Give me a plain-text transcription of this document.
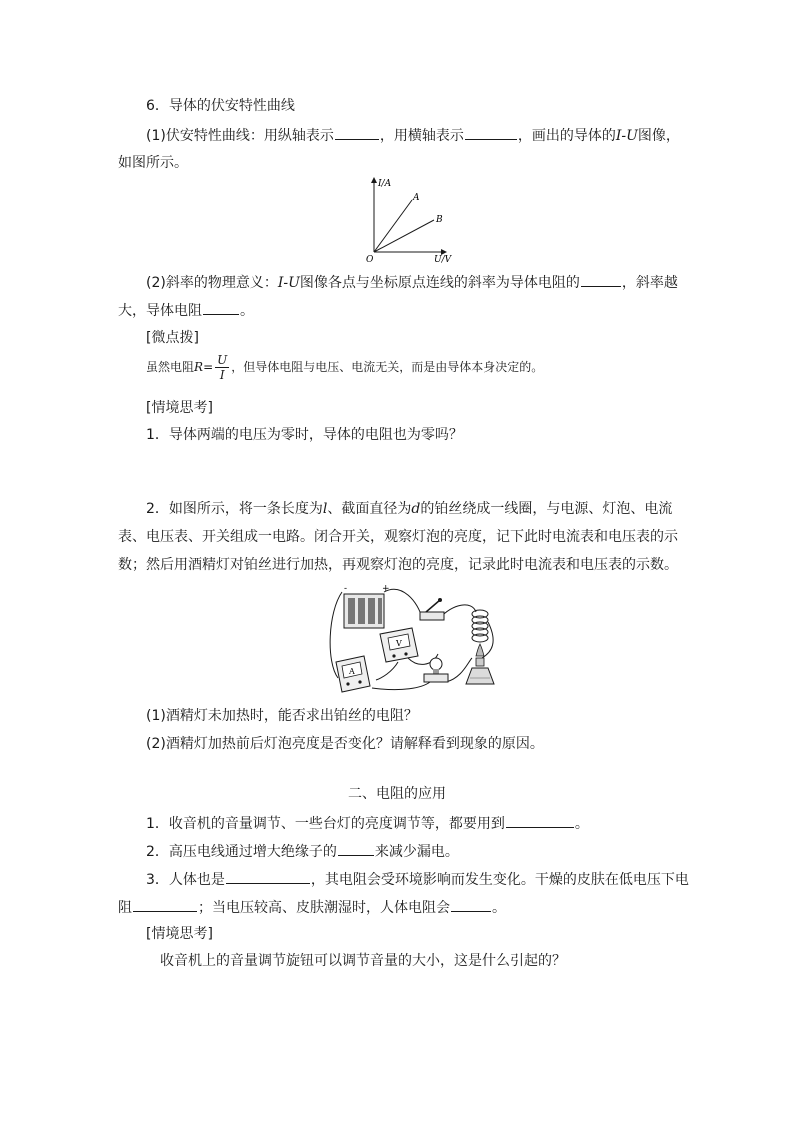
6．导体的伏安特性曲线
(1)伏安特性曲线：用纵轴表示	，用横轴表示	，画出的导体的I-U图像，
如图所示。
I/A
U/V
O
A
B
(2)斜率的物理意义：I-U图像各点与坐标原点连线的斜率为导体电阻的	，斜率越
大，导体电阻	。
[微点拨]
虽然电阻$R= \frac{U}{I}$ ，但导体电阻与电压、电流无关，而是由导体本身决定的。
[情境思考]
1．导体两端的电压为零时，导体的电阻也为零吗？
2．如图所示，将一条长度为l、截面直径为d的铂丝绕成一线圈，与电源、灯泡、电流
表、电压表、开关组成一电路。闭合开关，观察灯泡的亮度，记下此时电流表和电压表的示
数；然后用酒精灯对铂丝进行加热，再观察灯泡的亮度，记录此时电流表和电压表的示数。
-	+
V
A
(1)酒精灯未加热时，能否求出铂丝的电阻？
(2)酒精灯加热前后灯泡亮度是否变化？请解释看到现象的原因。
二、电阻的应用
1．收音机的音量调节、一些台灯的亮度调节等，都要用到	。
2．高压电线通过增大绝缘子的	来减少漏电。
3．人体也是	，其电阻会受环境影响而发生变化。干燥的皮肤在低电压下电
阻	；当电压较高、皮肤潮湿时，人体电阻会	。
[情境思考]
收音机上的音量调节旋钮可以调节音量的大小，这是什么引起的？
